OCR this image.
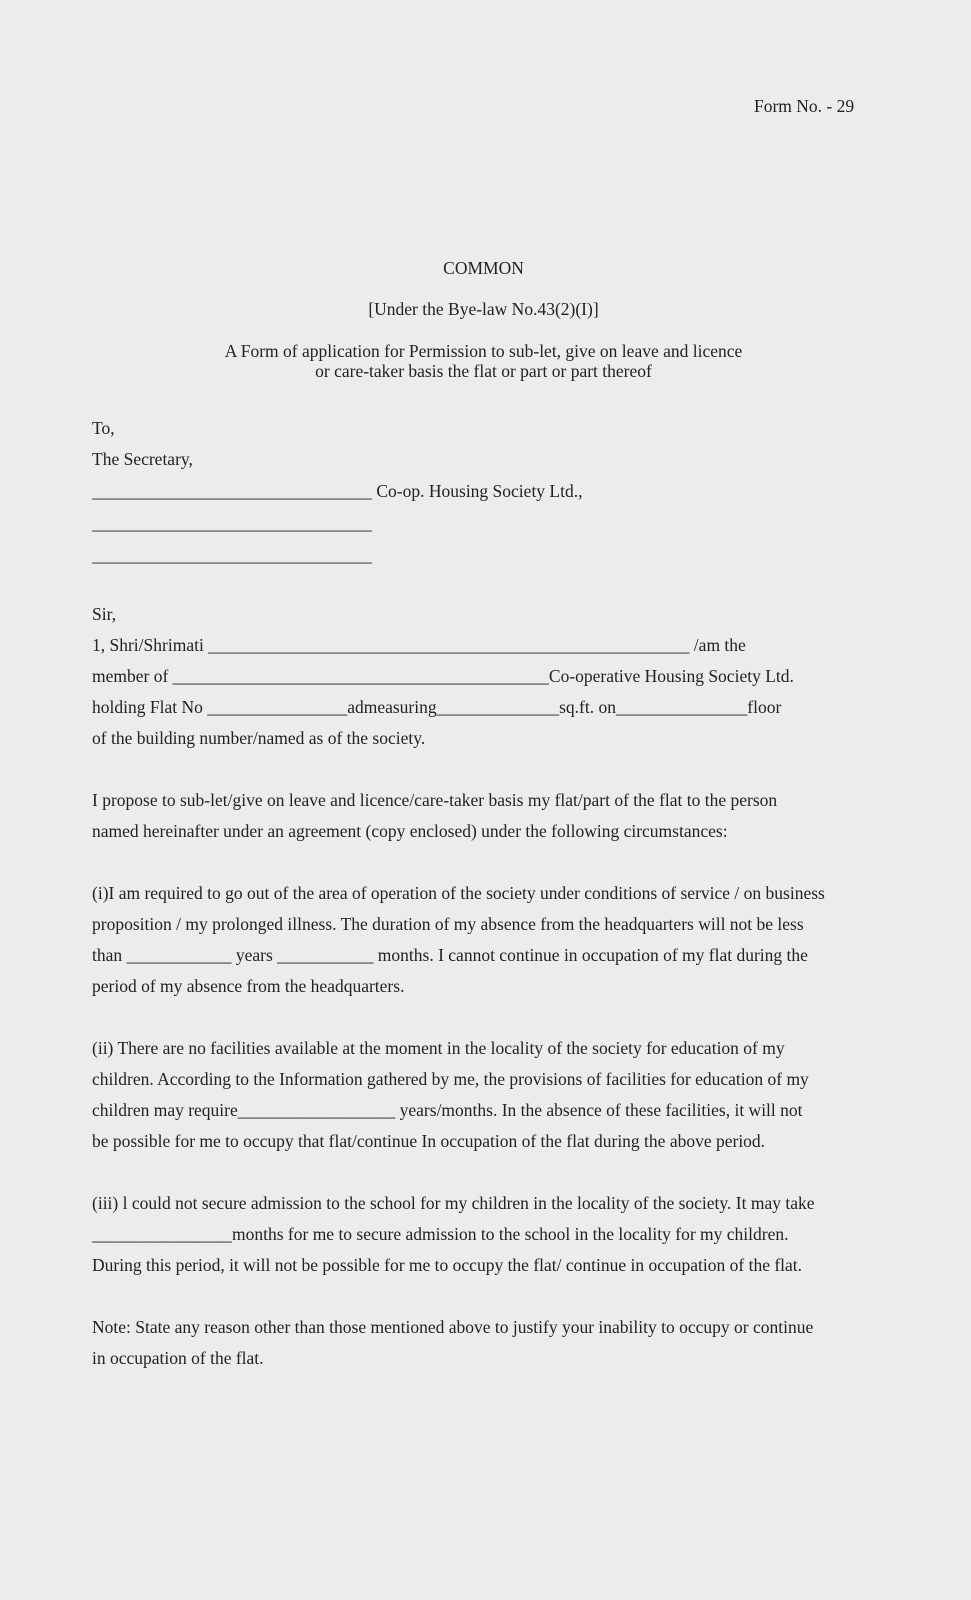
Form No. - 29
COMMON
[Under the Bye-law No.43(2)(I)]
A Form of application for Permission to sub-let, give on leave and licence
or care-taker basis the flat or part or part thereof
To,
The Secretary,
________________________________ Co-op. Housing Society Ltd.,
________________________________
________________________________
Sir,
1, Shri/Shrimati _______________________________________________________ /am the
member of ___________________________________________Co-operative Housing Society Ltd.
holding Flat No ________________admeasuring______________sq.ft. on_______________floor
of the building number/named as of the society.
I propose to sub-let/give on leave and licence/care-taker basis my flat/part of the flat to the person
named hereinafter under an agreement (copy enclosed) under the following circumstances:
(i)I am required to go out of the area of operation of the society under conditions of service / on business
proposition / my prolonged illness. The duration of my absence from the headquarters will not be less
than ____________ years ___________ months. I cannot continue in occupation of my flat during the
period of my absence from the headquarters.
(ii) There are no facilities available at the moment in the locality of the society for education of my
children. According to the Information gathered by me, the provisions of facilities for education of my
children may require__________________ years/months. In the absence of these facilities, it will not
be possible for me to occupy that flat/continue In occupation of the flat during the above period.
(iii) l could not secure admission to the school for my children in the locality of the society. It may take
________________months for me to secure admission to the school in the locality for my children.
During this period, it will not be possible for me to occupy the flat/ continue in occupation of the flat.
Note: State any reason other than those mentioned above to justify your inability to occupy or continue
in occupation of the flat.
